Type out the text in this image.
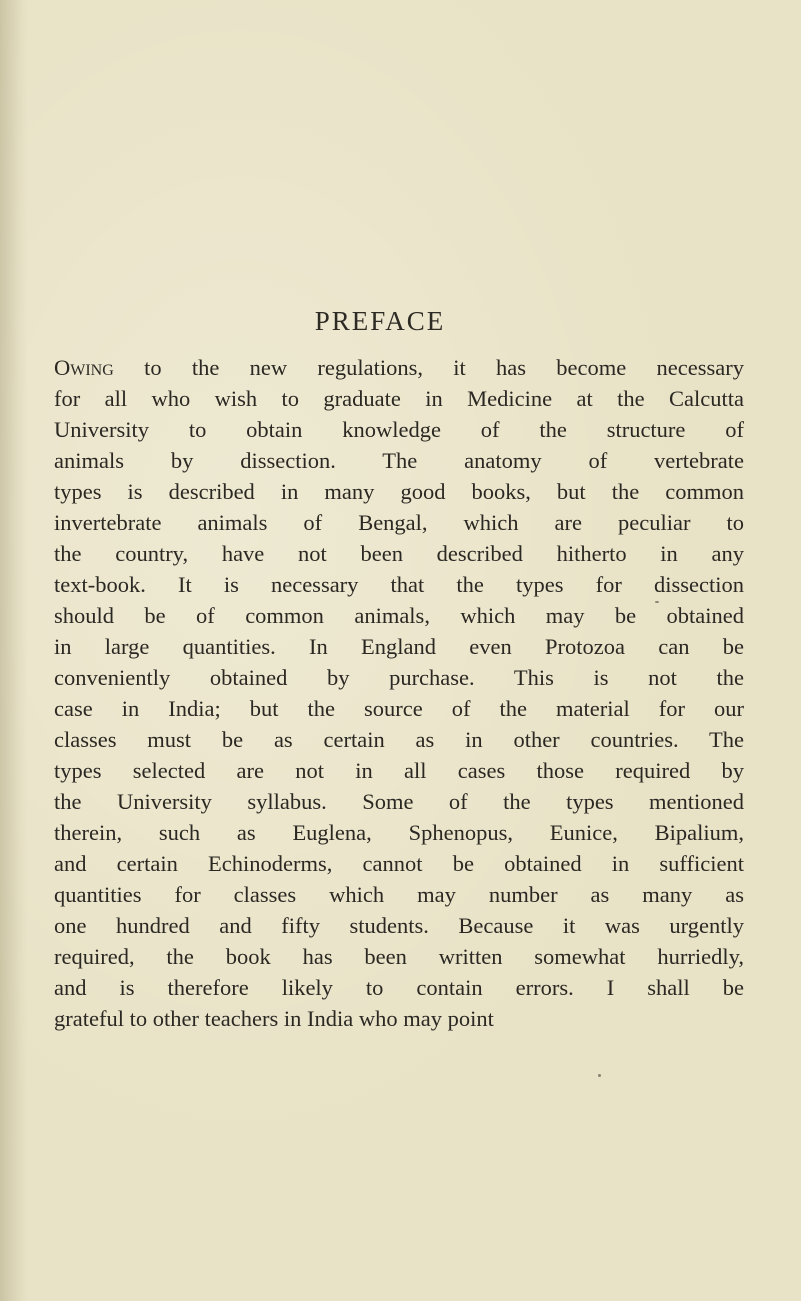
PREFACE
Owing to the new regulations, it has become necessary
for all who wish to graduate in Medicine at the Calcutta
University to obtain knowledge of the structure of
animals by dissection. The anatomy of vertebrate
types is described in many good books, but the common
invertebrate animals of Bengal, which are peculiar to
the country, have not been described hitherto in any
text-book. It is necessary that the types for dissection
should be of common animals, which may be obtained
in large quantities. In England even Protozoa can be
conveniently obtained by purchase. This is not the
case in India; but the source of the material for our
classes must be as certain as in other countries. The
types selected are not in all cases those required by
the University syllabus. Some of the types mentioned
therein, such as Euglena, Sphenopus, Eunice, Bipalium,
and certain Echinoderms, cannot be obtained in sufficient
quantities for classes which may number as many as
one hundred and fifty students. Because it was urgently
required, the book has been written somewhat hurriedly,
and is therefore likely to contain errors. I shall be
grateful to other teachers in India who may point
